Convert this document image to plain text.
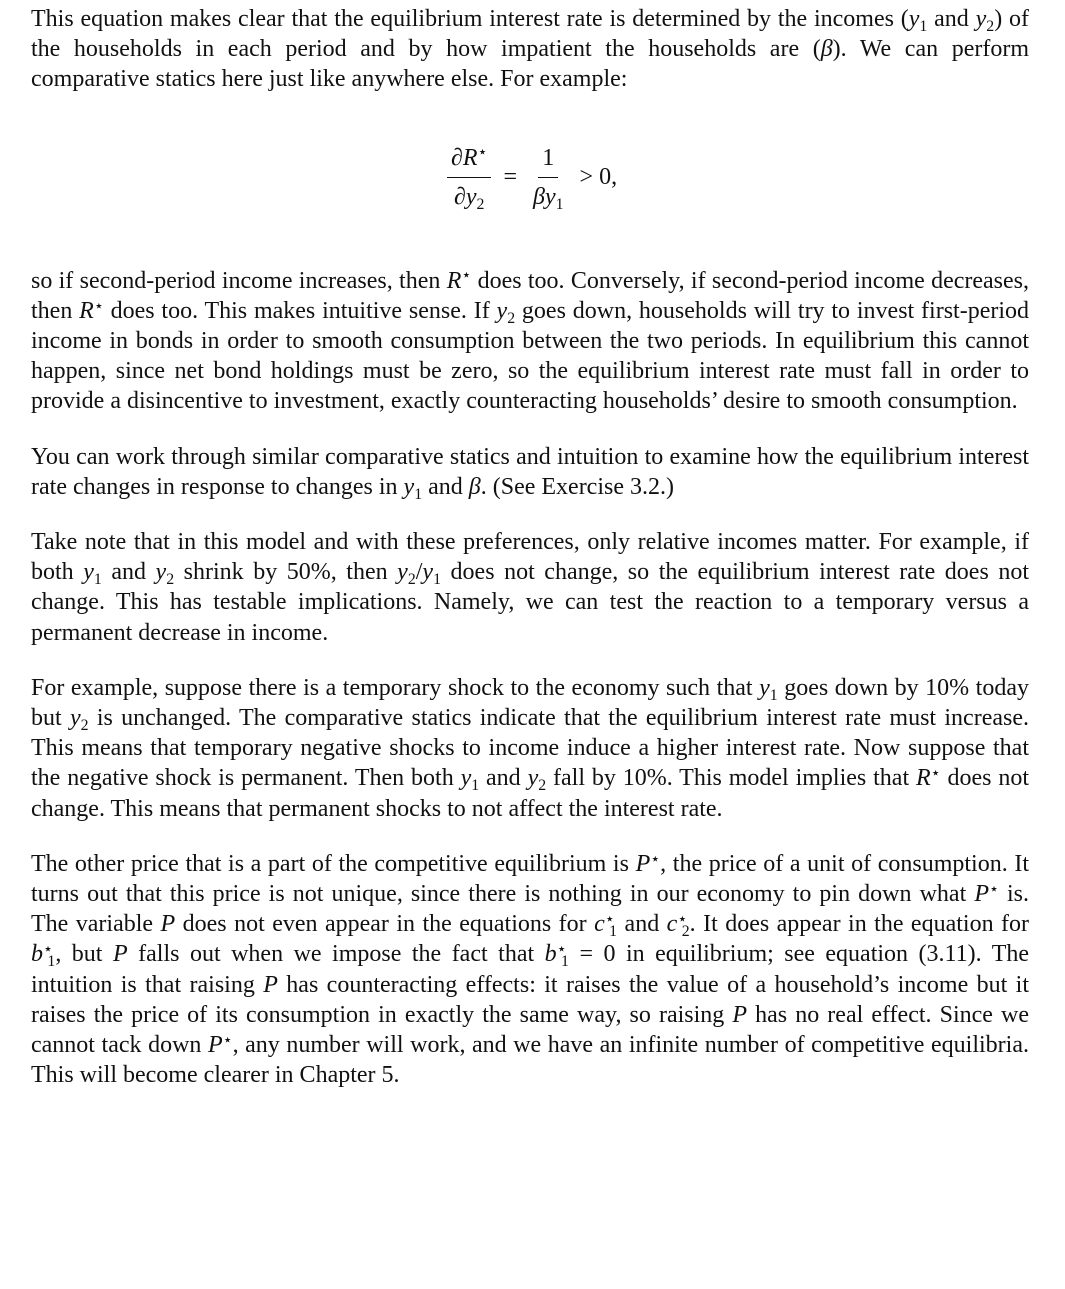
This equation makes clear that the equilibrium interest rate is determined by the incomes ($y_1$ and $y_2$) of the households in each period and by how impatient the households are (β). We can perform comparative statics here just like anywhere else. For example:

$\frac{\partial R^⋆}{\partial y_2} = \frac{1}{\beta y_1} > 0$,

so if second-period income increases, then R⋆ does too. Conversely, if second-period income decreases, then R⋆ does too. This makes intuitive sense. If $y_2$ goes down, households will try to invest first-period income in bonds in order to smooth consumption between the two periods. In equilibrium this cannot happen, since net bond holdings must be zero, so the equilibrium interest rate must fall in order to provide a disincentive to investment, exactly counteracting households’ desire to smooth consumption.

You can work through similar comparative statics and intuition to examine how the equilibrium interest rate changes in response to changes in $y_1$ and β. (See Exercise 3.2.)

Take note that in this model and with these preferences, only relative incomes matter. For example, if both $y_1$ and $y_2$ shrink by 50%, then $y_2/y_1$ does not change, so the equilibrium interest rate does not change. This has testable implications. Namely, we can test the reaction to a temporary versus a permanent decrease in income.

For example, suppose there is a temporary shock to the economy such that $y_1$ goes down by 10% today but $y_2$ is unchanged. The comparative statics indicate that the equilibrium interest rate must increase. This means that temporary negative shocks to income induce a higher interest rate. Now suppose that the negative shock is permanent. Then both $y_1$ and $y_2$ fall by 10%. This model implies that R⋆ does not change. This means that permanent shocks to not affect the interest rate.

The other price that is a part of the competitive equilibrium is P⋆, the price of a unit of consumption. It turns out that this price is not unique, since there is nothing in our economy to pin down what P⋆ is. The variable P does not even appear in the equations for $c^⋆_1$ and $c^⋆_2$. It does appear in the equation for $b^⋆_1$, but P falls out when we impose the fact that $b^⋆_1 = 0$ in equilibrium; see equation (3.11). The intuition is that raising P has counteracting effects: it raises the value of a household’s income but it raises the price of its consumption in exactly the same way, so raising P has no real effect. Since we cannot tack down P⋆, any number will work, and we have an infinite number of competitive equilibria. This will become clearer in Chapter 5.
